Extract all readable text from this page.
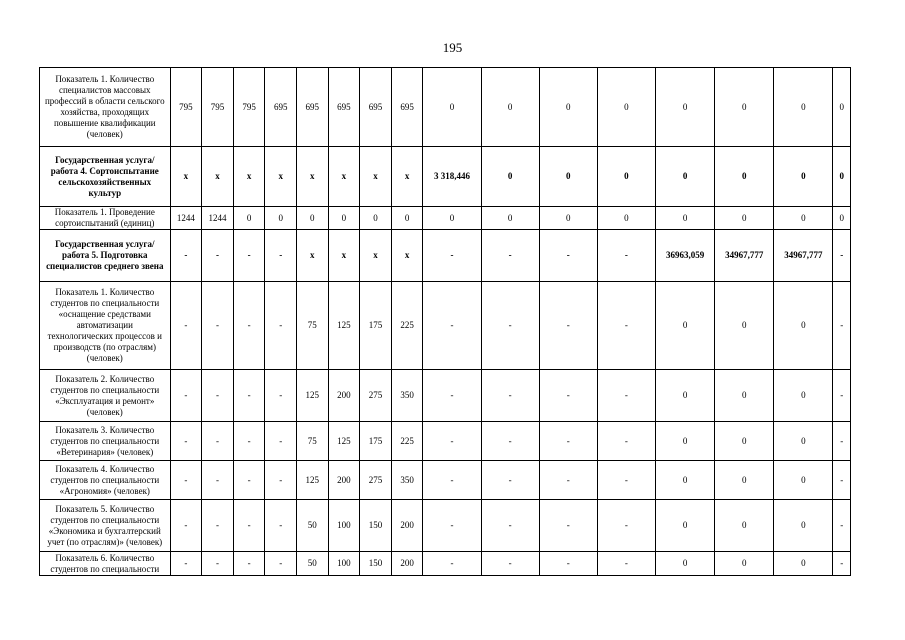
195
Показатель 1. Количество специалистов массовых профессий в области сельского хозяйства, проходящих повышение квалификации (человек)	795	795	795	695	695	695	695	695	0	0	0	0	0	0	0	0
Государственная услуга/работа 4. Сортоиспытание сельскохозяйственных культур	х	х	х	х	х	х	х	х	3 318,446	0	0	0	0	0	0	0
Показатель 1. Проведение сортоиспытаний (единиц)	1244	1244	0	0	0	0	0	0	0	0	0	0	0	0	0	0
Государственная услуга/работа 5. Подготовка специалистов среднего звена	-	-	-	-	х	х	х	х	-	-	-	-	36963,059	34967,777	34967,777	-
Показатель 1. Количество студентов по специальности «оснащение средствами автоматизации технологических процессов и производств (по отраслям) (человек)	-	-	-	-	75	125	175	225	-	-	-	-	0	0	0	-
Показатель 2. Количество студентов по специальности «Эксплуатация и ремонт» (человек)	-	-	-	-	125	200	275	350	-	-	-	-	0	0	0	-
Показатель 3. Количество студентов по специальности «Ветеринария» (человек)	-	-	-	-	75	125	175	225	-	-	-	-	0	0	0	-
Показатель 4. Количество студентов по специальности «Агрономия» (человек)	-	-	-	-	125	200	275	350	-	-	-	-	0	0	0	-
Показатель 5. Количество студентов по специальности «Экономика и бухгалтерский учет (по отраслям)» (человек)	-	-	-	-	50	100	150	200	-	-	-	-	0	0	0	-
Показатель 6. Количество студентов по специальности	-	-	-	-	50	100	150	200	-	-	-	-	0	0	0	-
